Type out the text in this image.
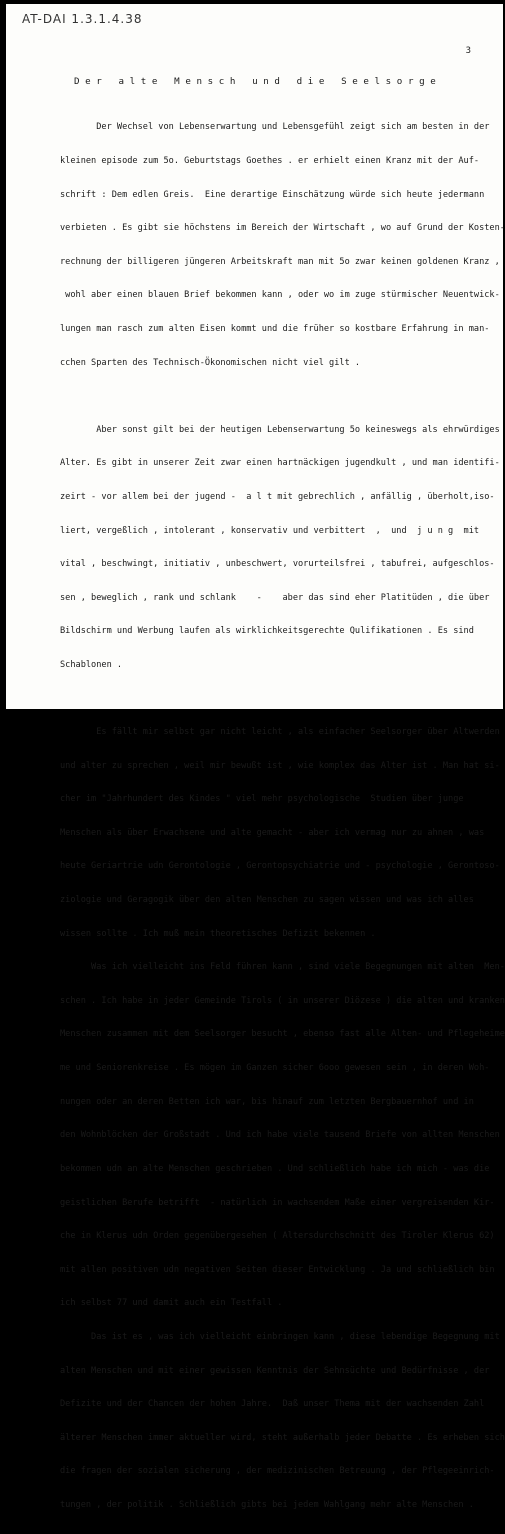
AT-DAI 1.3.1.4.38
3
Der alte Mensch und die Seelsorge

Der Wechsel von Lebenserwartung und Lebensgefühl zeigt sich am besten in der

kleinen episode zum 5o. Geburtstags Goethes . er erhielt einen Kranz mit der Auf-

schrift : Dem edlen Greis.  Eine derartige Einschätzung würde sich heute jedermann

verbieten . Es gibt sie höchstens im Bereich der Wirtschaft , wo auf Grund der Kosten-

rechnung der billigeren jüngeren Arbeitskraft man mit 5o zwar keinen goldenen Kranz ,

wohl aber einen blauen Brief bekommen kann , oder wo im zuge stürmischer Neuentwick-

lungen man rasch zum alten Eisen kommt und die früher so kostbare Erfahrung in man-

cchen Sparten des Technisch-Ökonomischen nicht viel gilt .

Aber sonst gilt bei der heutigen Lebenserwartung 5o keineswegs als ehrwürdiges

Alter. Es gibt in unserer Zeit zwar einen hartnäckigen jugendkult , und man identifi-

zeirt - vor allem bei der jugend -  a l t mit gebrechlich , anfällig , überholt,iso-

liert, vergeßlich , intolerant , konservativ und verbittert  ,  und  j u n g  mit

vital , beschwingt, initiativ , unbeschwert, vorurteilsfrei , tabufrei, aufgeschlos-

sen , beweglich , rank und schlank    -    aber das sind eher Platitüden , die über

Bildschirm und Werbung laufen als wirklichkeitsgerechte Qulifikationen . Es sind

Schablonen .

Es fällt mir selbst gar nicht leicht , als einfacher Seelsorger über Altwerden

und alter zu sprechen , weil mir bewußt ist , wie komplex das Alter ist . Man hat si-

cher im "Jahrhundert des Kindes " viel mehr psychologische  Studien über junge

Menschen als über Erwachsene und alte gemacht - aber ich vermag nur zu ahnen , was

heute Geriartrie udn Gerontologie , Gerontopsychiatrie und - psychologie , Gerontoso-

ziologie und Geragogik über den alten Menschen zu sagen wissen und was ich alles

wissen sollte . Ich muß mein theoretisches Defizit bekennen .

Was ich vielleicht ins Feld führen kann , sind viele Begegnungen mit alten  Men-

schen . Ich habe in jeder Gemeinde Tirols ( in unserer Diözese ) die alten und kranken

Menschen zusammen mit dem Seelsorger besucht , ebenso fast alle Alten- und Pflegeheime

me und Seniorenkreise . Es mögen im Ganzen sicher 6ooo gewesen sein , in deren Woh-

nungen oder an deren Betten ich war, bis hinauf zum letzten Bergbauernhof und in

den Wohnblöcken der Großstadt . Und ich habe viele tausend Briefe von allten Menschen

bekommen udn an alte Menschen geschrieben . Und schließlich habe ich mich - was die

geistlichen Berufe betrifft  - natürlich in wachsendem Maße einer vergreisenden Kir-

che in Klerus udn Orden gegenübergesehen ( Altersdurchschnitt des Tiroler Klerus 62)

mit allen positiven udn negativen Seiten dieser Entwicklung . Ja und schließlich bin

ich selbst 77 und damit auch ein Testfall .

Das ist es , was ich vielleicht einbringen kann , diese lebendige Begegnung mit

alten Menschen und mit einer gewissen Kenntnis der Sehnsüchte und Bedürfnisse , der

Defizite und der Chancen der hohen Jahre.  Daß unser Thema mit der wachsenden Zahl

älterer Menschen immer aktueller wird, steht außerhalb jeder Debatte . Es erheben sich

die fragen der sozialen sicherung , der medizinischen Betreuung , der Pflegeeinrich-

tungen , der politik . Schließlich gibts bei jedem Wahlgang mehr alte Menschen .
